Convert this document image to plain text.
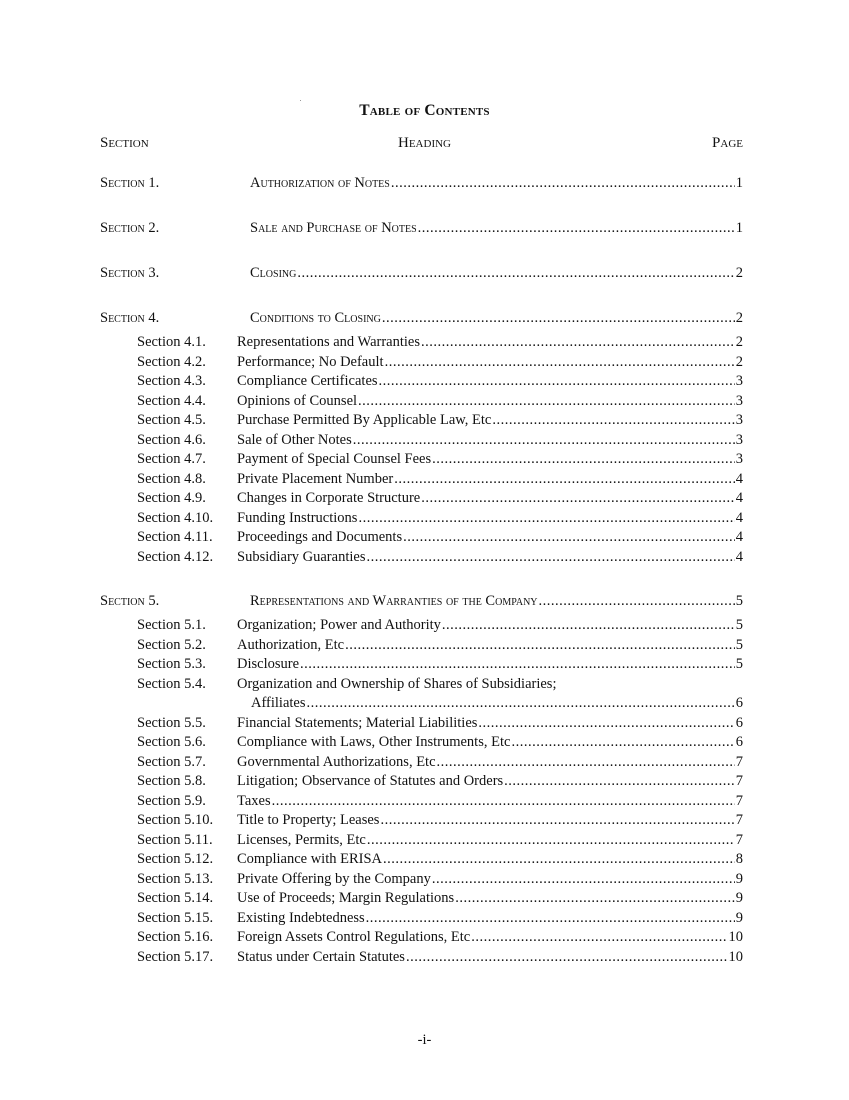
Table of Contents
Section	Heading	Page
Section 1.	Authorization of Notes .....	1
Section 2.	Sale and Purchase of Notes .....	1
Section 3.	Closing .....	2
Section 4.	Conditions to Closing .....	2
Section 4.1.	Representations and Warranties .....	2
Section 4.2.	Performance; No Default .....	2
Section 4.3.	Compliance Certificates .....	3
Section 4.4.	Opinions of Counsel .....	3
Section 4.5.	Purchase Permitted By Applicable Law, Etc .....	3
Section 4.6.	Sale of Other Notes .....	3
Section 4.7.	Payment of Special Counsel Fees .....	3
Section 4.8.	Private Placement Number .....	4
Section 4.9.	Changes in Corporate Structure .....	4
Section 4.10.	Funding Instructions .....	4
Section 4.11.	Proceedings and Documents .....	4
Section 4.12.	Subsidiary Guaranties .....	4
Section 5.	Representations and Warranties of the Company .....	5
Section 5.1.	Organization; Power and Authority .....	5
Section 5.2.	Authorization, Etc .....	5
Section 5.3.	Disclosure .....	5
Section 5.4.	Organization and Ownership of Shares of Subsidiaries;
Affiliates .....	6
Section 5.5.	Financial Statements; Material Liabilities .....	6
Section 5.6.	Compliance with Laws, Other Instruments, Etc .....	6
Section 5.7.	Governmental Authorizations, Etc .....	7
Section 5.8.	Litigation; Observance of Statutes and Orders .....	7
Section 5.9.	Taxes .....	7
Section 5.10.	Title to Property; Leases .....	7
Section 5.11.	Licenses, Permits, Etc .....	7
Section 5.12.	Compliance with ERISA .....	8
Section 5.13.	Private Offering by the Company .....	9
Section 5.14.	Use of Proceeds; Margin Regulations .....	9
Section 5.15.	Existing Indebtedness .....	9
Section 5.16.	Foreign Assets Control Regulations, Etc .....	10
Section 5.17.	Status under Certain Statutes .....	10
-i-
